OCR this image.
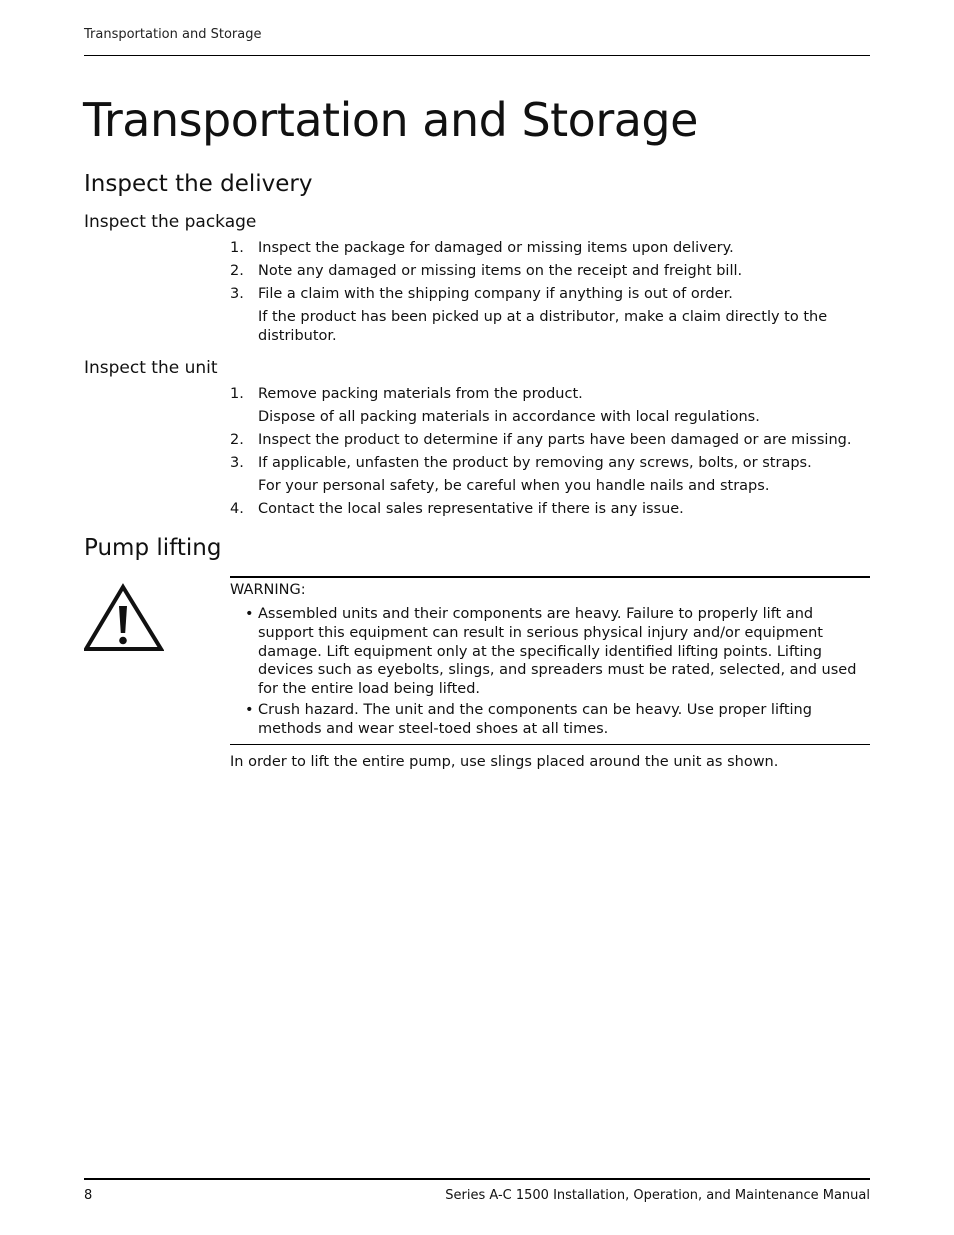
Transportation and Storage
Transportation and Storage
Inspect the delivery
Inspect the package
1. Inspect the package for damaged or missing items upon delivery.
2. Note any damaged or missing items on the receipt and freight bill.
3. File a claim with the shipping company if anything is out of order.
If the product has been picked up at a distributor, make a claim directly to the distributor.
Inspect the unit
1. Remove packing materials from the product.
Dispose of all packing materials in accordance with local regulations.
2. Inspect the product to determine if any parts have been damaged or are missing.
3. If applicable, unfasten the product by removing any screws, bolts, or straps.
For your personal safety, be careful when you handle nails and straps.
4. Contact the local sales representative if there is any issue.
Pump lifting
WARNING:
• Assembled units and their components are heavy. Failure to properly lift and support this equipment can result in serious physical injury and/or equipment damage. Lift equipment only at the specifically identified lifting points. Lifting devices such as eyebolts, slings, and spreaders must be rated, selected, and used for the entire load being lifted.
• Crush hazard. The unit and the components can be heavy. Use proper lifting methods and wear steel-toed shoes at all times.
In order to lift the entire pump, use slings placed around the unit as shown.
8	Series A-C 1500 Installation, Operation, and Maintenance Manual
